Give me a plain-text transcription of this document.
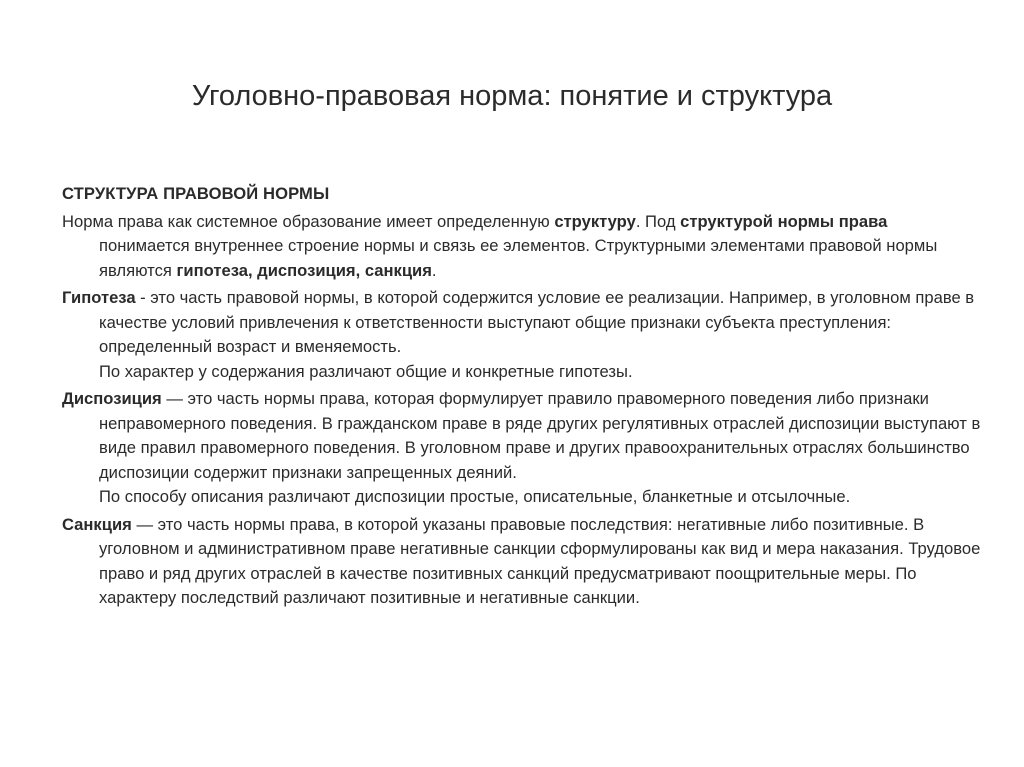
Уголовно-правовая норма: понятие и структура
СТРУКТУРА ПРАВОВОЙ НОРМЫ
Норма права как системное образование имеет определенную структуру. Под структурой нормы права понимается внутреннее строение нормы и связь ее элементов. Структурными элементами правовой нормы являются гипотеза, диспозиция, санкция.
Гипотеза - это часть правовой нормы, в которой содержится условие ее реализации. Например, в уголовном праве в качестве условий привлечения к ответственности выступают общие признаки субъекта преступления: определенный возраст и вменяемость.
По характер у содержания различают общие и конкретные гипотезы.
Диспозиция — это часть нормы права, которая формулирует правило правомерного поведения либо признаки неправомерного поведения. В гражданском праве в ряде других регулятивных отраслей диспозиции выступают в виде правил правомерного поведения. В уголовном праве и других правоохранительных отраслях большинство диспозиции содержит признаки запрещенных деяний.
По способу описания различают диспозиции простые, описательные, бланкетные и отсылочные.
Санкция — это часть нормы права, в которой указаны правовые последствия: негативные либо позитивные. В уголовном и административном праве негативные санкции сформулированы как вид и мера наказания. Трудовое право и ряд других отраслей в качестве позитивных санкций предусматривают поощрительные меры. По характеру последствий различают позитивные и негативные санкции.
